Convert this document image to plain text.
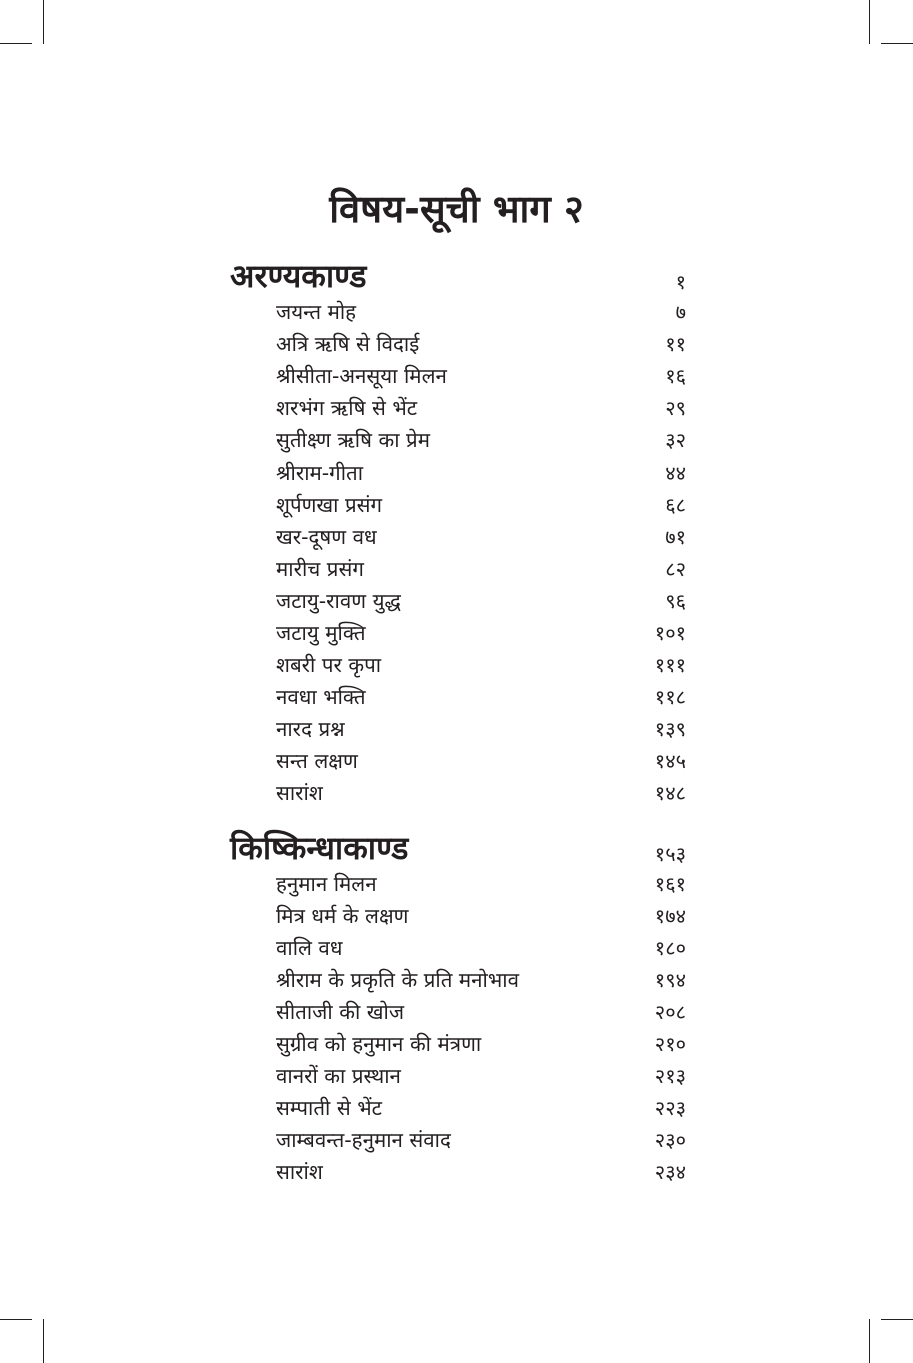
विषय-सूची भाग २
अरण्यकाण्ड	१
जयन्त मोह	७
अत्रि ऋषि से विदाई	११
श्रीसीता-अनसूया मिलन	१६
शरभंग ऋषि से भेंट	२९
सुतीक्ष्ण ऋषि का प्रेम	३२
श्रीराम-गीता	४४
शूर्पणखा प्रसंग	६८
खर-दूषण वध	७१
मारीच प्रसंग	८२
जटायु-रावण युद्ध	९६
जटायु मुक्ति	१०१
शबरी पर कृपा	१११
नवधा भक्ति	११८
नारद प्रश्न	१३९
सन्त लक्षण	१४५
सारांश	१४८
किष्किन्धाकाण्ड	१५३
हनुमान मिलन	१६१
मित्र धर्म के लक्षण	१७४
वालि वध	१८०
श्रीराम के प्रकृति के प्रति मनोभाव	१९४
सीताजी की खोज	२०८
सुग्रीव को हनुमान की मंत्रणा	२१०
वानरों का प्रस्थान	२१३
सम्पाती से भेंट	२२३
जाम्बवन्त-हनुमान संवाद	२३०
सारांश	२३४
